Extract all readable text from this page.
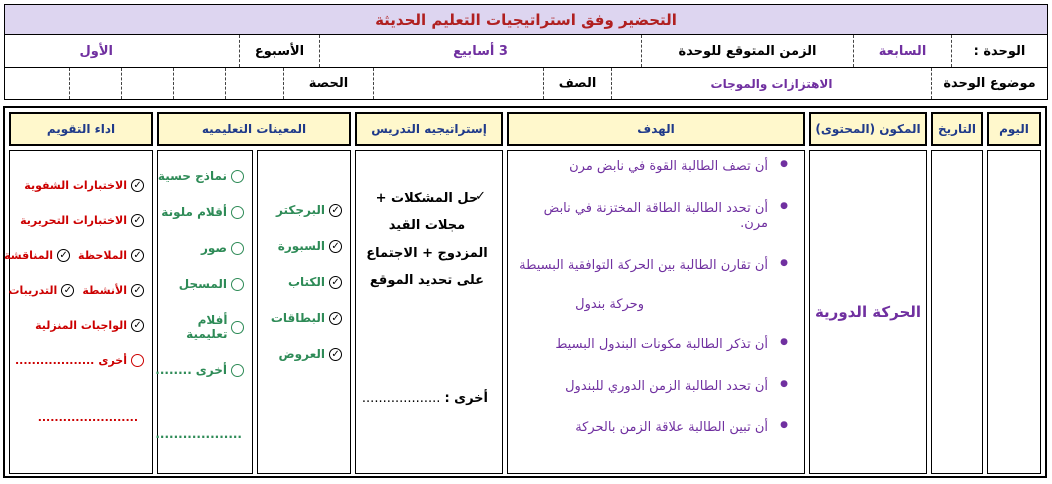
التحضير وفق استراتيجيات التعليم الحديثة
الوحدة :
السابعة
الزمن المتوقع للوحدة
3 أسابيع
الأسبوع
الأول
موضوع الوحدة
الاهتزازات والموجات
الصف
الحصة
اليوم
التاريخ
المكون (المحتوى)
الهدف
إستراتيجيه التدريس
المعينات التعليميه
اداء التقويم
الحركة الدورية
● أن تصف الطالبة القوة في نابض مرن
● أن تحدد الطالبة الطاقة المختزنة في نابض مرن.
● أن تقارن الطالبة بين الحركة التوافقية البسيطة
وحركة بندول
● أن تذكر الطالبة مكونات البندول البسيط
● أن تحدد الطالبة الزمن الدوري للبندول
● أن تبين الطالبة علاقة الزمن بالحركة
✓
حل المشكلات +
مجلات القيد
المزدوج + الاجتماع
على تحديد الموقع
أخرى :
...................
✓
البرجكتر
✓
السبورة
✓
الكتاب
✓
البطاقات
✓
العروض
نماذج حسية
أقلام ملونة
صور
المسجل
أفلام تعليمية
أخرى
........
...................
✓
الاختبارات الشفوية
✓
الاختبارات التحريرية
✓
الملاحظة
✓
المناقشة
✓
الأنشطة
✓
التدريبات
✓
الواجبات المنزلية
أخرى
...................
........................
